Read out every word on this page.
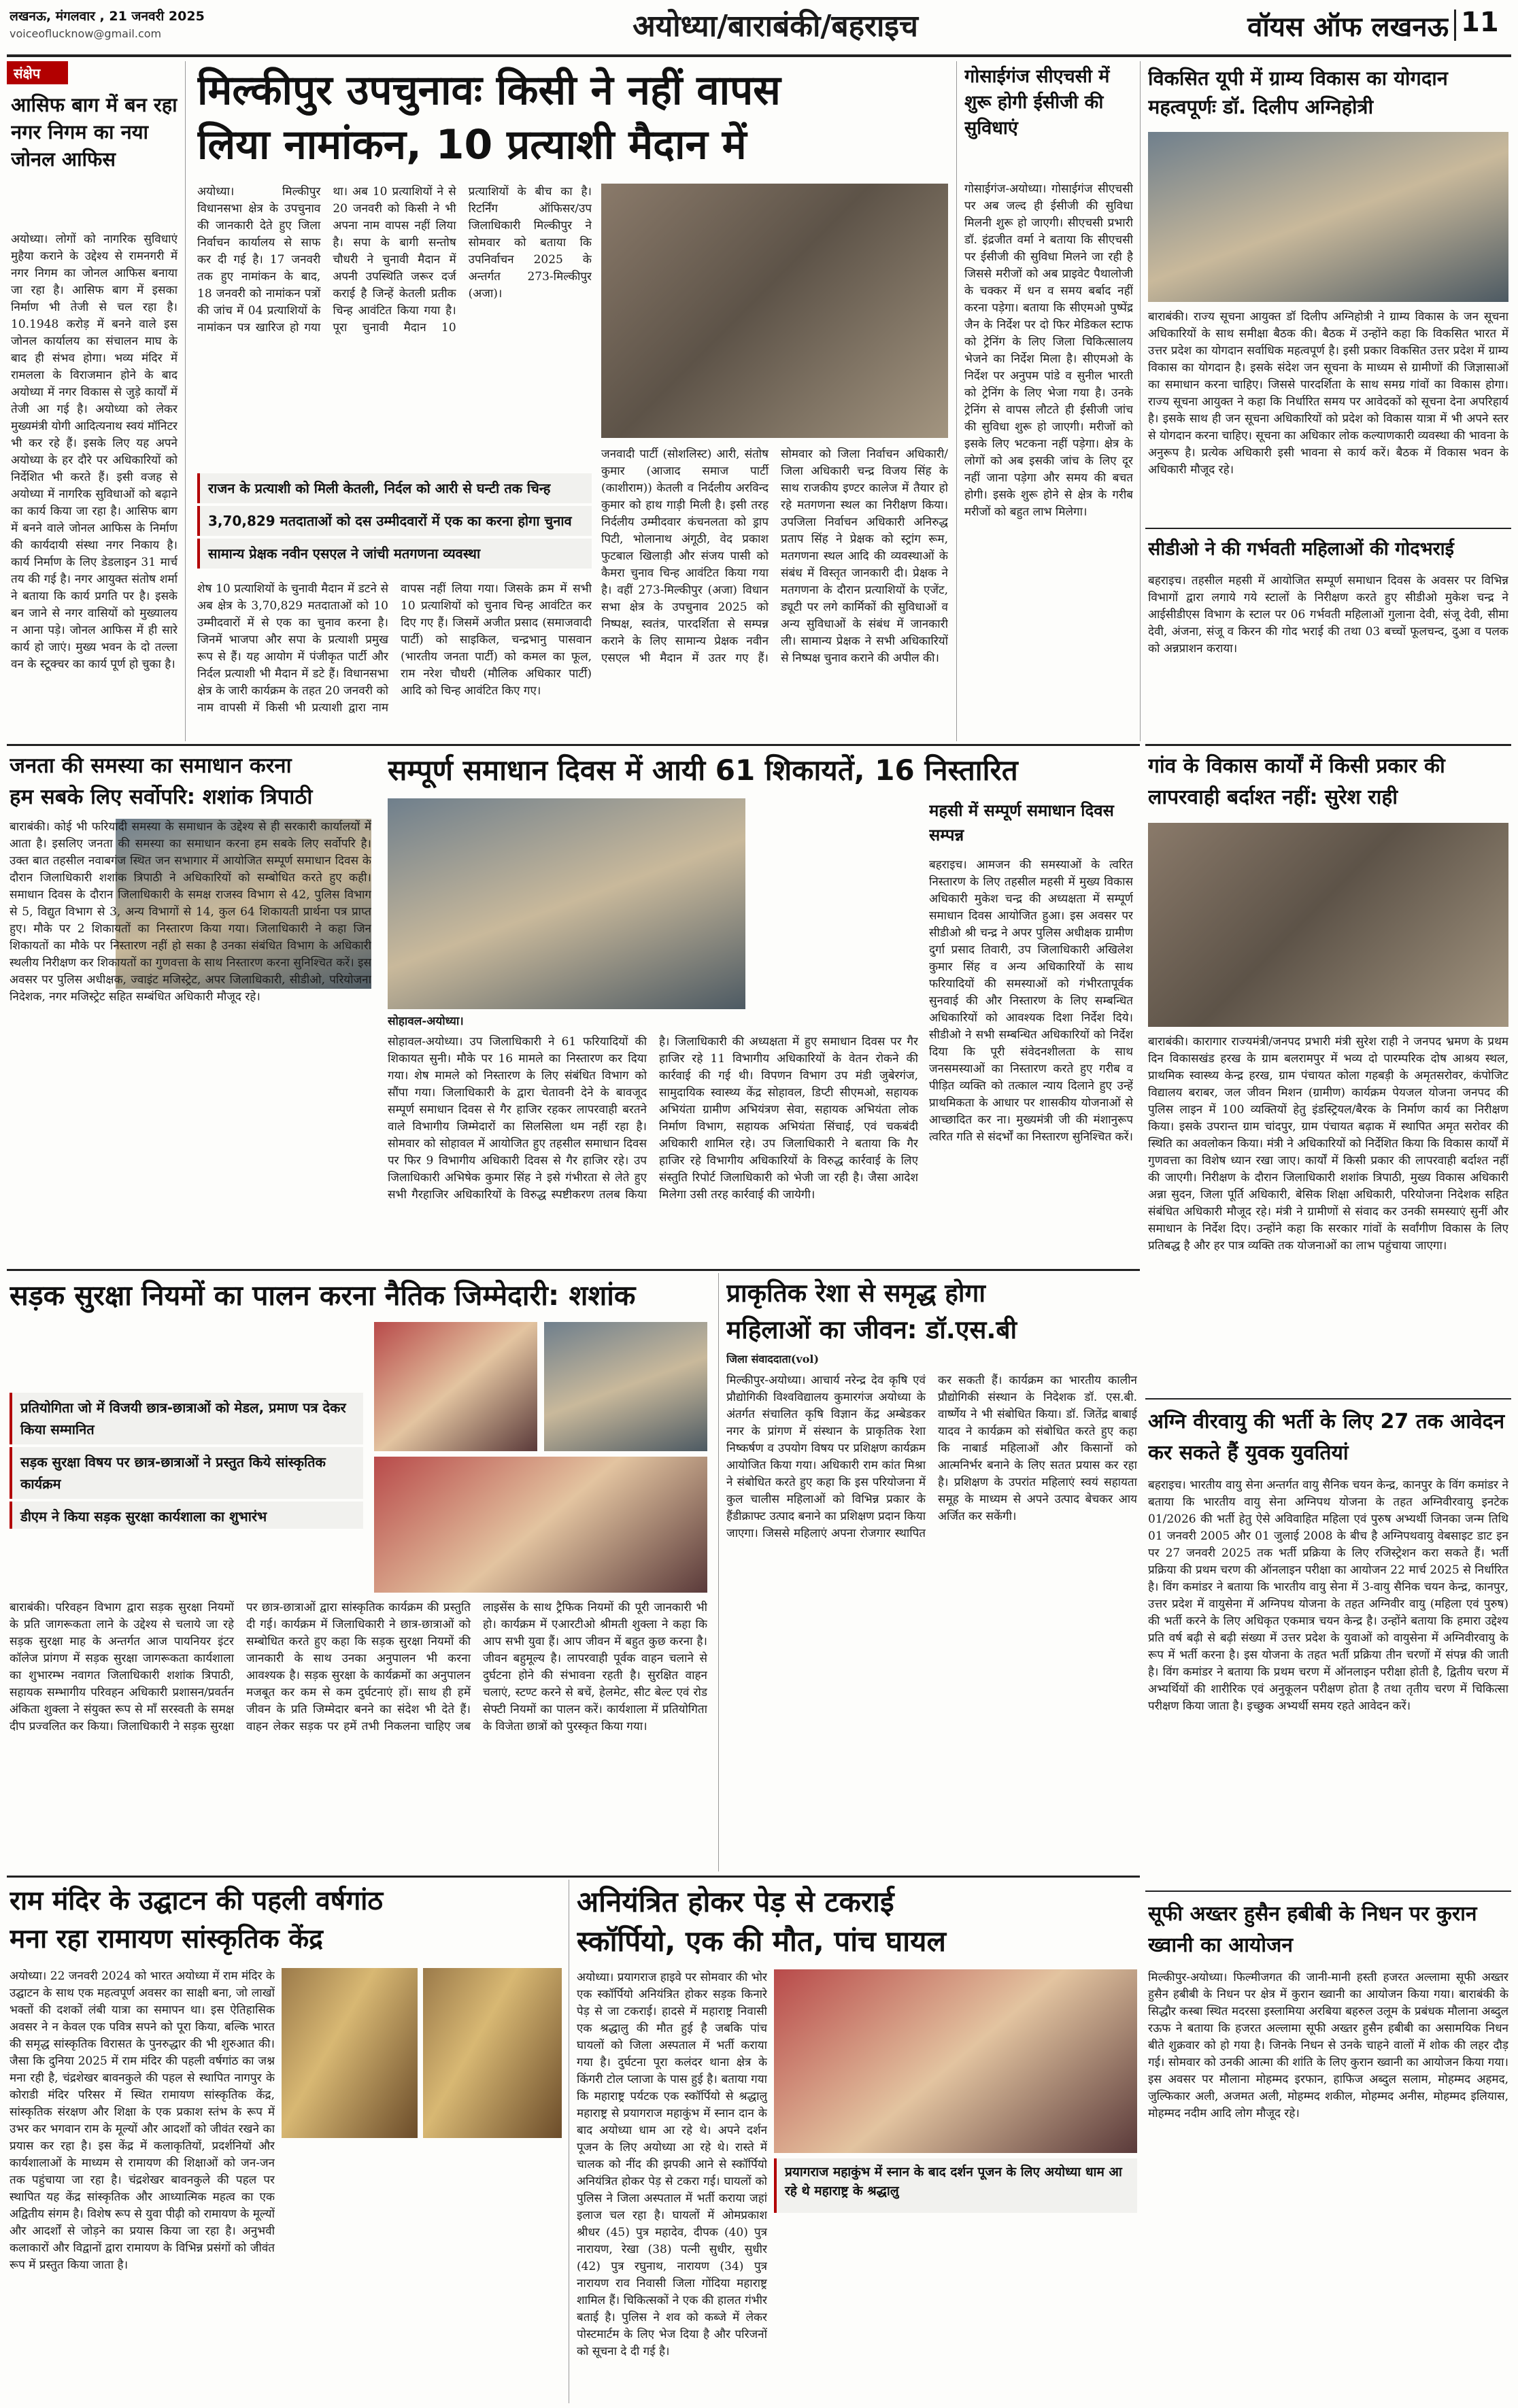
लखनऊ, मंगलवार , 21 जनवरी 2025
voiceoflucknow@gmail.com	अयोध्या/बाराबंकी/बहराइच	वॉयस ऑफ लखनऊ 11
संक्षेप
आसिफ बाग में बन रहा नगर निगम का नया जोनल आफिस
अयोध्या। लोगों को नागरिक सुविधाएं मुहैया कराने के उद्देश्य से रामनगरी में नगर निगम का जोनल आफिस बनाया जा रहा है। आसिफ बाग में इसका निर्माण भी तेजी से चल रहा है। 10.1948 करोड़ में बनने वाले इस जोनल कार्यालय का संचालन माघ के बाद ही संभव होगा। भव्य मंदिर में रामलला के विराजमान होने के बाद अयोध्या में नगर विकास से जुड़े कार्यों में तेजी आ गई है। अयोध्या को लेकर मुख्यमंत्री योगी आदित्यनाथ स्वयं मॉनिटर भी कर रहे हैं। इसके लिए यह अपने अयोध्या के हर दौरे पर अधिकारियों को निर्देशित भी करते हैं। इसी वजह से अयोध्या में नागरिक सुविधाओं को बढ़ाने का कार्य किया जा रहा है। आसिफ बाग में बनने वाले जोनल आफिस के निर्माण की कार्यदायी संस्था नगर निकाय है। कार्य निर्माण के लिए डेडलाइन 31 मार्च तय की गई है। नगर आयुक्त संतोष शर्मा ने बताया कि कार्य प्रगति पर है। इसके बन जाने से नगर वासियों को मुख्यालय न आना पड़े। जोनल आफिस में ही सारे कार्य हो जाएं। मुख्य भवन के दो तल्ला वन के स्टूक्चर का कार्य पूर्ण हो चुका है।
मिल्कीपुर उपचुनावः किसी ने नहीं वापस
लिया नामांकन, 10 प्रत्याशी मैदान में
अयोध्या। मिल्कीपुर विधानसभा क्षेत्र के उपचुनाव की जानकारी देते हुए जिला निर्वाचन कार्यालय से साफ कर दी गई है। 17 जनवरी तक हुए नामांकन के बाद, 18 जनवरी को नामांकन पत्रों की जांच में 04 प्रत्याशियों के नामांकन पत्र खारिज हो गया था। अब 10 प्रत्याशियों ने से 20 जनवरी को किसी ने भी अपना नाम वापस नहीं लिया है। सपा के बागी सन्तोष चौधरी ने चुनावी मैदान में अपनी उपस्थिति जरूर दर्ज कराई है जिन्हें केतली प्रतीक चिन्ह आवंटित किया गया है। पूरा चुनावी मैदान 10 प्रत्याशियों के बीच का है। रिटर्निंग ऑफिसर/उप जिलाधिकारी मिल्कीपुर ने सोमवार को बताया कि उपनिर्वाचन 2025 के अन्तर्गत 273-मिल्कीपुर (अजा)।
राजन के प्रत्याशी को मिली केतली, निर्दल को आरी से घन्टी तक चिन्ह
3,70,829 मतदाताओं को दस उम्मीदवारों में एक का करना होगा चुनाव
सामान्य प्रेक्षक नवीन एसएल ने जांची मतगणना व्यवस्था
शेष 10 प्रत्याशियों के चुनावी मैदान में डटने से अब क्षेत्र के 3,70,829 मतदाताओं को 10 उम्मीदवारों में से एक का चुनाव करना है। जिनमें भाजपा और सपा के प्रत्याशी प्रमुख रूप से हैं। यह आयोग में पंजीकृत पार्टी और निर्दल प्रत्याशी भी मैदान में डटे हैं। विधानसभा क्षेत्र के जारी कार्यक्रम के तहत 20 जनवरी को नाम वापसी में किसी भी प्रत्याशी द्वारा नाम वापस नहीं लिया गया। जिसके क्रम में सभी 10 प्रत्याशियों को चुनाव चिन्ह आवंटित कर दिए गए हैं। जिसमें अजीत प्रसाद (समाजवादी पार्टी) को साइकिल, चन्द्रभानु पासवान (भारतीय जनता पार्टी) को कमल का फूल, राम नरेश चौधरी (मौलिक अधिकार पार्टी) आदि को चिन्ह आवंटित किए गए।
जनवादी पार्टी (सोशलिस्ट) आरी, संतोष कुमार (आजाद समाज पार्टी (काशीराम)) केतली व निर्दलीय अरविन्द कुमार को हाथ गाड़ी मिली है। इसी तरह निर्दलीय उम्मीदवार कंचनलता को ड्राप पिटी, भोलानाथ अंगूठी, वेद प्रकाश फुटबाल खिलाड़ी और संजय पासी को कैमरा चुनाव चिन्ह आवंटित किया गया है। वहीं 273-मिल्कीपुर (अजा) विधान सभा क्षेत्र के उपचुनाव 2025 को निष्पक्ष, स्वतंत्र, पारदर्शिता से सम्पन्न कराने के लिए सामान्य प्रेक्षक नवीन एसएल भी मैदान में उतर गए हैं। सोमवार को जिला निर्वाचन अधिकारी/जिला अधिकारी चन्द्र विजय सिंह के साथ राजकीय इण्टर कालेज में तैयार हो रहे मतगणना स्थल का निरीक्षण किया। उपजिला निर्वाचन अधिकारी अनिरुद्ध प्रताप सिंह ने प्रेक्षक को स्ट्रांग रूम, मतगणना स्थल आदि की व्यवस्थाओं के संबंध में विस्तृत जानकारी दी। प्रेक्षक ने मतगणना के दौरान प्रत्याशियों के एजेंट, ड्यूटी पर लगे कार्मिकों की सुविधाओं व अन्य सुविधाओं के संबंध में जानकारी ली। सामान्य प्रेक्षक ने सभी अधिकारियों से निष्पक्ष चुनाव कराने की अपील की।
गोसाईगंज सीएचसी में शुरू होगी ईसीजी की सुविधाएं
गोसाईगंज-अयोध्या। गोसाईगंज सीएचसी पर अब जल्द ही ईसीजी की सुविधा मिलनी शुरू हो जाएगी। सीएचसी प्रभारी डॉ. इंद्रजीत वर्मा ने बताया कि सीएचसी पर ईसीजी की सुविधा मिलने जा रही है जिससे मरीजों को अब प्राइवेट पैथालोजी के चक्कर में धन व समय बर्बाद नहीं करना पड़ेगा। बताया कि सीएमओ पुष्पेंद्र जैन के निर्देश पर दो फिर मेडिकल स्टाफ को ट्रेनिंग के लिए जिला चिकित्सालय भेजने का निर्देश मिला है। सीएमओ के निर्देश पर अनुपम पांडे व सुनील भारती को ट्रेनिंग के लिए भेजा गया है। उनके ट्रेनिंग से वापस लौटते ही ईसीजी जांच की सुविधा शुरू हो जाएगी। मरीजों को इसके लिए भटकना नहीं पड़ेगा। क्षेत्र के लोगों को अब इसकी जांच के लिए दूर नहीं जाना पड़ेगा और समय की बचत होगी। इसके शुरू होने से क्षेत्र के गरीब मरीजों को बहुत लाभ मिलेगा।
विकसित यूपी में ग्राम्य विकास का योगदान महत्वपूर्णः डॉ. दिलीप अग्निहोत्री
बाराबंकी। राज्य सूचना आयुक्त डॉ दिलीप अग्निहोत्री ने ग्राम्य विकास के जन सूचना अधिकारियों के साथ समीक्षा बैठक की। बैठक में उन्होंने कहा कि विकसित भारत में उत्तर प्रदेश का योगदान सर्वाधिक महत्वपूर्ण है। इसी प्रकार विकसित उत्तर प्रदेश में ग्राम्य विकास का योगदान है। इसके संदेश जन सूचना के माध्यम से ग्रामीणों की जिज्ञासाओं का समाधान करना चाहिए। जिससे पारदर्शिता के साथ समग्र गांवों का विकास होगा। राज्य सूचना आयुक्त ने कहा कि निर्धारित समय पर आवेदकों को सूचना देना अपरिहार्य है। इसके साथ ही जन सूचना अधिकारियों को प्रदेश को विकास यात्रा में भी अपने स्तर से योगदान करना चाहिए। सूचना का अधिकार लोक कल्याणकारी व्यवस्था की भावना के अनुरूप है। प्रत्येक अधिकारी इसी भावना से कार्य करें। बैठक में विकास भवन के अधिकारी मौजूद रहे।
सीडीओ ने की गर्भवती महिलाओं की गोदभराई
बहराइच। तहसील महसी में आयोजित सम्पूर्ण समाधान दिवस के अवसर पर विभिन्न विभागों द्वारा लगाये गये स्टालों के निरीक्षण करते हुए सीडीओ मुकेश चन्द्र ने आईसीडीएस विभाग के स्टाल पर 06 गर्भवती महिलाओं गुलाना देवी, संजू देवी, सीमा देवी, अंजना, संजू व किरन की गोद भराई की तथा 03 बच्चों फूलचन्द, दुआ व पलक को अन्नप्राशन कराया।
गांव के विकास कार्यों में किसी प्रकार की लापरवाही बर्दाश्त नहीं: सुरेश राही
बाराबंकी। कारागार राज्यमंत्री/जनपद प्रभारी मंत्री सुरेश राही ने जनपद भ्रमण के प्रथम दिन विकासखंड हरख के ग्राम बलरामपुर में भव्य दो पारम्परिक दोष आश्रय स्थल, प्राथमिक स्वास्थ्य केन्द्र हरख, ग्राम पंचायत कोला गहबड़ी के अमृतसरोवर, कंपोजिट विद्यालय बराबर, जल जीवन मिशन (ग्रामीण) कार्यक्रम पेयजल योजना जनपद की पुलिस लाइन में 100 व्यक्तियों हेतु इंडस्ट्रियल/बैरक के निर्माण कार्य का निरीक्षण किया। इसके उपरान्त ग्राम चांदपुर, ग्राम पंचायत बढ़ाक में स्थापित अमृत सरोवर की स्थिति का अवलोकन किया। मंत्री ने अधिकारियों को निर्देशित किया कि विकास कार्यों में गुणवत्ता का विशेष ध्यान रखा जाए। कार्यों में किसी प्रकार की लापरवाही बर्दाश्त नहीं की जाएगी। निरीक्षण के दौरान जिलाधिकारी शशांक त्रिपाठी, मुख्य विकास अधिकारी अन्ना सुदन, जिला पूर्ति अधिकारी, बेसिक शिक्षा अधिकारी, परियोजना निदेशक सहित संबंधित अधिकारी मौजूद रहे। मंत्री ने ग्रामीणों से संवाद कर उनकी समस्याएं सुनीं और समाधान के निर्देश दिए। उन्होंने कहा कि सरकार गांवों के सर्वांगीण विकास के लिए प्रतिबद्ध है और हर पात्र व्यक्ति तक योजनाओं का लाभ पहुंचाया जाएगा।
अग्नि वीरवायु की भर्ती के लिए 27 तक आवेदन कर सकते हैं युवक युवतियां
बहराइच। भारतीय वायु सेना अन्तर्गत वायु सैनिक चयन केन्द्र, कानपुर के विंग कमांडर ने बताया कि भारतीय वायु सेना अग्निपथ योजना के तहत अग्निवीरवायु इनटेक 01/2026 की भर्ती हेतु ऐसे अविवाहित महिला एवं पुरुष अभ्यर्थी जिनका जन्म तिथि 01 जनवरी 2005 और 01 जुलाई 2008 के बीच है अग्निपथवायु वेबसाइट डाट इन पर 27 जनवरी 2025 तक भर्ती प्रक्रिया के लिए रजिस्ट्रेशन करा सकते हैं। भर्ती प्रक्रिया की प्रथम चरण की ऑनलाइन परीक्षा का आयोजन 22 मार्च 2025 से निर्धारित है। विंग कमांडर ने बताया कि भारतीय वायु सेना में 3-वायु सैनिक चयन केन्द्र, कानपुर, उत्तर प्रदेश में वायुसेना में अग्निपथ योजना के तहत अग्निवीर वायु (महिला एवं पुरुष) की भर्ती करने के लिए अधिकृत एकमात्र चयन केन्द्र है। उन्होंने बताया कि हमारा उद्देश्य प्रति वर्ष बढ़ी से बढ़ी संख्या में उत्तर प्रदेश के युवाओं को वायुसेना में अग्निवीरवायु के रूप में भर्ती करना है। इस योजना के तहत भर्ती प्रक्रिया तीन चरणों में संपन्न की जाती है। विंग कमांडर ने बताया कि प्रथम चरण में ऑनलाइन परीक्षा होती है, द्वितीय चरण में अभ्यर्थियों की शारीरिक एवं अनुकूलन परीक्षण होता है तथा तृतीय चरण में चिकित्सा परीक्षण किया जाता है। इच्छुक अभ्यर्थी समय रहते आवेदन करें।
सूफी अख्तर हुसैन हबीबी के निधन पर कुरान ख्वानी का आयोजन
मिल्कीपुर-अयोध्या। फिल्मीजगत की जानी-मानी हस्ती हजरत अल्लामा सूफी अख्तर हुसैन हबीबी के निधन पर क्षेत्र में कुरान ख्वानी का आयोजन किया गया। बाराबंकी के सिद्धौर कस्बा स्थित मदरसा इस्लामिया अरबिया बहरुल उलूम के प्रबंधक मौलाना अब्दुल रऊफ ने बताया कि हजरत अल्लामा सूफी अख्तर हुसैन हबीबी का असामयिक निधन बीते शुक्रवार को हो गया है। जिनके निधन से उनके चाहने वालों में शोक की लहर दौड़ गई। सोमवार को उनकी आत्मा की शांति के लिए कुरान ख्वानी का आयोजन किया गया। इस अवसर पर मौलाना मोहम्मद इरफान, हाफिज अब्दुल सलाम, मोहम्मद अहमद, जुल्फिकार अली, अजमत अली, मोहम्मद शकील, मोहम्मद अनीस, मोहम्मद इलियास, मोहम्मद नदीम आदि लोग मौजूद रहे।
जनता की समस्या का समाधान करना
हम सबके लिए सर्वोपरि: शशांक त्रिपाठी
बाराबंकी। कोई भी फरियादी समस्या के समाधान के उद्देश्य से ही सरकारी कार्यालयों में आता है। इसलिए जनता की समस्या का समाधान करना हम सबके लिए सर्वोपरि है। उक्त बात तहसील नवाबगंज स्थित जन सभागार में आयोजित सम्पूर्ण समाधान दिवस के दौरान जिलाधिकारी शशांक त्रिपाठी ने अधिकारियों को सम्बोधित करते हुए कही। समाधान दिवस के दौरान जिलाधिकारी के समक्ष राजस्व विभाग से 42, पुलिस विभाग से 5, विद्युत विभाग से 3, अन्य विभागों से 14, कुल 64 शिकायती प्रार्थना पत्र प्राप्त हुए। मौके पर 2 शिकायतों का निस्तारण किया गया। जिलाधिकारी ने कहा जिन शिकायतों का मौके पर निस्तारण नहीं हो सका है उनका संबंधित विभाग के अधिकारी स्थलीय निरीक्षण कर शिकायतों का गुणवत्ता के साथ निस्तारण करना सुनिश्चित करें। इस अवसर पर पुलिस अधीक्षक, ज्वाइंट मजिस्ट्रेट, अपर जिलाधिकारी, सीडीओ, परियोजना निदेशक, नगर मजिस्ट्रेट सहित सम्बंधित अधिकारी मौजूद रहे।
सम्पूर्ण समाधान दिवस में आयी 61 शिकायतें, 16 निस्तारित
सोहावल-अयोध्या।
सोहावल-अयोध्या। उप जिलाधिकारी ने 61 फरियादियों की शिकायत सुनी। मौके पर 16 मामले का निस्तारण कर दिया गया। शेष मामले को निस्तारण के लिए संबंधित विभाग को सौंपा गया। जिलाधिकारी के द्वारा चेतावनी देने के बावजूद सम्पूर्ण समाधान दिवस से गैर हाजिर रहकर लापरवाही बरतने वाले विभागीय जिम्मेदारों का सिलसिला थम नहीं रहा है। सोमवार को सोहावल में आयोजित हुए तहसील समाधान दिवस पर फिर 9 विभागीय अधिकारी दिवस से गैर हाजिर रहे। उप जिलाधिकारी अभिषेक कुमार सिंह ने इसे गंभीरता से लेते हुए सभी गैरहाजिर अधिकारियों के विरुद्ध स्पष्टीकरण तलब किया है। जिलाधिकारी की अध्यक्षता में हुए समाधान दिवस पर गैर हाजिर रहे 11 विभागीय अधिकारियों के वेतन रोकने की कार्रवाई की गई थी। विपणन विभाग उप मंडी जुबेरगंज, सामुदायिक स्वास्थ्य केंद्र सोहावल, डिप्टी सीएमओ, सहायक अभियंता ग्रामीण अभियंत्रण सेवा, सहायक अभियंता लोक निर्माण विभाग, सहायक अभियंता सिंचाई, एवं चकबंदी अधिकारी शामिल रहे। उप जिलाधिकारी ने बताया कि गैर हाजिर रहे विभागीय अधिकारियों के विरुद्ध कार्रवाई के लिए संस्तुति रिपोर्ट जिलाधिकारी को भेजी जा रही है। जैसा आदेश मिलेगा उसी तरह कार्रवाई की जायेगी।
महसी में सम्पूर्ण समाधान दिवस सम्पन्न
बहराइच। आमजन की समस्याओं के त्वरित निस्तारण के लिए तहसील महसी में मुख्य विकास अधिकारी मुकेश चन्द्र की अध्यक्षता में सम्पूर्ण समाधान दिवस आयोजित हुआ। इस अवसर पर सीडीओ श्री चन्द्र ने अपर पुलिस अधीक्षक ग्रामीण दुर्गा प्रसाद तिवारी, उप जिलाधिकारी अखिलेश कुमार सिंह व अन्य अधिकारियों के साथ फरियादियों की समस्याओं को गंभीरतापूर्वक सुनवाई की और निस्तारण के लिए सम्बन्धित अधिकारियों को आवश्यक दिशा निर्देश दिये। सीडीओ ने सभी सम्बन्धित अधिकारियों को निर्देश दिया कि पूरी संवेदनशीलता के साथ जनसमस्याओं का निस्तारण करते हुए गरीब व पीड़ित व्यक्ति को तत्काल न्याय दिलाने हुए उन्हें प्राथमिकता के आधार पर शासकीय योजनाओं से आच्छादित कर ना। मुख्यमंत्री जी की मंशानुरूप त्वरित गति से संदर्भों का निस्तारण सुनिश्चित करें।
सड़क सुरक्षा नियमों का पालन करना नैतिक जिम्मेदारी: शशांक
प्रतियोगिता जो में विजयी छात्र-छात्राओं को मेडल, प्रमाण पत्र देकर किया सम्मानित
सड़क सुरक्षा विषय पर छात्र-छात्राओं ने प्रस्तुत किये सांस्कृतिक कार्यक्रम
डीएम ने किया सड़क सुरक्षा कार्यशाला का शुभारंभ
बाराबंकी। परिवहन विभाग द्वारा सड़क सुरक्षा नियमों के प्रति जागरूकता लाने के उद्देश्य से चलाये जा रहे सड़क सुरक्षा माह के अन्तर्गत आज पायनियर इंटर कॉलेज प्रांगण में सड़क सुरक्षा जागरूकता कार्यशाला का शुभारम्भ नवागत जिलाधिकारी शशांक त्रिपाठी, सहायक सम्भागीय परिवहन अधिकारी प्रशासन/प्रवर्तन अंकिता शुक्ला ने संयुक्त रूप से माँ सरस्वती के समक्ष दीप प्रज्वलित कर किया। जिलाधिकारी ने सड़क सुरक्षा पर छात्र-छात्राओं द्वारा सांस्कृतिक कार्यक्रम की प्रस्तुति दी गई। कार्यक्रम में जिलाधिकारी ने छात्र-छात्राओं को सम्बोधित करते हुए कहा कि सड़क सुरक्षा नियमों की जानकारी के साथ उनका अनुपालन भी करना आवश्यक है। सड़क सुरक्षा के कार्यक्रमों का अनुपालन मजबूत कर कम से कम दुर्घटनाएं हों। साथ ही हमें जीवन के प्रति जिम्मेदार बनने का संदेश भी देते हैं। वाहन लेकर सड़क पर हमें तभी निकलना चाहिए जब लाइसेंस के साथ ट्रैफिक नियमों की पूरी जानकारी भी हो। कार्यक्रम में एआरटीओ श्रीमती शुक्ला ने कहा कि आप सभी युवा हैं। आप जीवन में बहुत कुछ करना है। जीवन बहुमूल्य है। लापरवाही पूर्वक वाहन चलाने से दुर्घटना होने की संभावना रहती है। सुरक्षित वाहन चलाएं, स्टण्ट करने से बचें, हेलमेट, सीट बेल्ट एवं रोड सेफ्टी नियमों का पालन करें। कार्यशाला में प्रतियोगिता के विजेता छात्रों को पुरस्कृत किया गया।
प्राकृतिक रेशा से समृद्ध होगा
महिलाओं का जीवन: डॉ.एस.बी
जिला संवाददाता(vol)
मिल्कीपुर-अयोध्या। आचार्य नरेन्द्र देव कृषि एवं प्रौद्योगिकी विश्वविद्यालय कुमारगंज अयोध्या के अंतर्गत संचालित कृषि विज्ञान केंद्र अम्बेडकर नगर के प्रांगण में संस्थान के प्राकृतिक रेशा निष्कर्षण व उपयोग विषय पर प्रशिक्षण कार्यक्रम आयोजित किया गया। अधिकारी राम कांत मिश्रा ने संबोधित करते हुए कहा कि इस परियोजना में कुल चालीस महिलाओं को विभिन्न प्रकार के हैंडीक्राफ्ट उत्पाद बनाने का प्रशिक्षण प्रदान किया जाएगा। जिससे महिलाएं अपना रोजगार स्थापित कर सकती हैं। कार्यक्रम का भारतीय कालीन प्रौद्योगिकी संस्थान के निदेशक डॉ. एस.बी. वार्ष्णेय ने भी संबोधित किया। डॉ. जितेंद्र बाबाई यादव ने कार्यक्रम को संबोधित करते हुए कहा कि नाबार्ड महिलाओं और किसानों को आत्मनिर्भर बनाने के लिए सतत प्रयास कर रहा है। प्रशिक्षण के उपरांत महिलाएं स्वयं सहायता समूह के माध्यम से अपने उत्पाद बेचकर आय अर्जित कर सकेंगी।
राम मंदिर के उद्घाटन की पहली वर्षगांठ
मना रहा रामायण सांस्कृतिक केंद्र
अयोध्या। 22 जनवरी 2024 को भारत अयोध्या में राम मंदिर के उद्घाटन के साथ एक महत्वपूर्ण अवसर का साक्षी बना, जो लाखों भक्तों की दशकों लंबी यात्रा का समापन था। इस ऐतिहासिक अवसर ने न केवल एक पवित्र सपने को पूरा किया, बल्कि भारत की समृद्ध सांस्कृतिक विरासत के पुनरुद्धार की भी शुरुआत की। जैसा कि दुनिया 2025 में राम मंदिर की पहली वर्षगांठ का जश्न मना रही है, चंद्रशेखर बावनकुले की पहल से स्थापित नागपुर के कोराडी मंदिर परिसर में स्थित रामायण सांस्कृतिक केंद्र, सांस्कृतिक संरक्षण और शिक्षा के एक प्रकाश स्तंभ के रूप में उभर कर भगवान राम के मूल्यों और आदर्शों को जीवंत रखने का प्रयास कर रहा है। इस केंद्र में कलाकृतियों, प्रदर्शनियों और कार्यशालाओं के माध्यम से रामायण की शिक्षाओं को जन-जन तक पहुंचाया जा रहा है। चंद्रशेखर बावनकुले की पहल पर स्थापित यह केंद्र सांस्कृतिक और आध्यात्मिक महत्व का एक अद्वितीय संगम है। विशेष रूप से युवा पीढ़ी को रामायण के मूल्यों और आदर्शों से जोड़ने का प्रयास किया जा रहा है। अनुभवी कलाकारों और विद्वानों द्वारा रामायण के विभिन्न प्रसंगों को जीवंत रूप में प्रस्तुत किया जाता है।
अनियंत्रित होकर पेड़ से टकराई
स्कॉर्पियो, एक की मौत, पांच घायल
प्रयागराज महाकुंभ में स्नान के बाद दर्शन पूजन के लिए अयोध्या धाम आ रहे थे महाराष्ट्र के श्रद्धालु
अयोध्या। प्रयागराज हाइवे पर सोमवार की भोर एक स्कॉर्पियो अनियंत्रित होकर सड़क किनारे पेड़ से जा टकराई। हादसे में महाराष्ट्र निवासी एक श्रद्धालु की मौत हुई है जबकि पांच घायलों को जिला अस्पताल में भर्ती कराया गया है। दुर्घटना पूरा कलंदर थाना क्षेत्र के किंगरी टोल प्लाजा के पास हुई है। बताया गया कि महाराष्ट्र पर्यटक एक स्कॉर्पियो से श्रद्धालु महाराष्ट्र से प्रयागराज महाकुंभ में स्नान दान के बाद अयोध्या धाम आ रहे थे। अपने दर्शन पूजन के लिए अयोध्या आ रहे थे। रास्ते में चालक को नींद की झपकी आने से स्कॉर्पियो अनियंत्रित होकर पेड़ से टकरा गई। घायलों को पुलिस ने जिला अस्पताल में भर्ती कराया जहां इलाज चल रहा है। घायलों में ओमप्रकाश श्रीधर (45) पुत्र महादेव, दीपक (40) पुत्र नारायण, रेखा (38) पत्नी सुधीर, सुधीर (42) पुत्र रघुनाथ, नारायण (34) पुत्र नारायण राव निवासी जिला गोंदिया महाराष्ट्र शामिल हैं। चिकित्सकों ने एक की हालत गंभीर बताई है। पुलिस ने शव को कब्जे में लेकर पोस्टमार्टम के लिए भेज दिया है और परिजनों को सूचना दे दी गई है।
